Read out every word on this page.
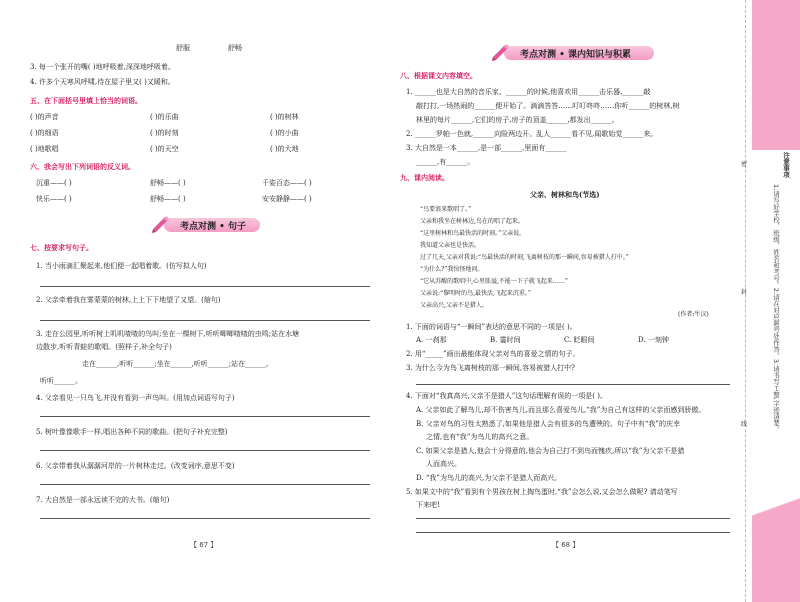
舒服	舒畅
3. 每一个张开的嘴( )地呼吸着,深深地呼吸着。
4. 许多个天寒风呼啸,待在屋子里又( )又暖和。
五、在下面括号里填上恰当的词语。
( )的声音	( )的乐曲	( )的树林
( )的细语	( )的时刻	( )的小曲
( )地歌唱	( )的天空	( )的大地
六、我会写出下列词语的反义词。
沉重——( )	舒畅——( )	千姿百态——( )
快乐——( )	舒畅——( )	安安静静——( )
考点对测 • 句子
七、按要求写句子。
1. 当小雨滴汇聚起来,他们便一起唱着歌。(仿写拟人句)
2. 父亲牵着我在雾蒙蒙的树林,上上下下地望了又望。(缩句)
3. 走在公园里,听听树上叽叽喳喳的鸟叫;坐在一棵树下,听听唧唧喳喳的虫鸣;站在水塘
边散步,听听青蛙的歌唱。(照样子,补全句子)
走在______,听听______;坐在______,听听______;站在______,
听听______。
4. 父亲看见一只鸟飞,并没有看到一声鸟叫。(用加点词语写句子)
5. 树叶像像歌手一样,唱出各种不同的歌曲。(把句子补充完整)
6. 父亲带着我从潺潺河岸的一片树林走过。(改变词序,意思不变)
7. 大自然是一部永远读不完的大书。(缩句)
【 67 】
考点对测 • 课内知识与积累
八、根据课文内容填空。
1. ______也是大自然的音乐家。______的时候,他喜欢用______击乐器,______敲
敲打打,一场热闹的______便开始了。滴滴答答……叮叮咚咚……你听______的树林,树
林里的每片______,它们的房子,房子的顶盖______,都发出______。
2. ______罗帕一色就,______向险两边开。乱人______看不见,闻歌始觉______来。
3. 大自然是一本______,是一部______,里面有______
______,有______。
九、课内阅读。
父亲、树林和鸟(节选)
“鸟要浪来歌唱了。”
父亲和我坐在树林边,鸟在的唱了起来。
“这里树林和鸟最快活的时刻。”父亲说。
我知道父亲也是快活。
过了几天,父亲对我说:“鸟最快活的时刻,飞离树枝的那一瞬间,容易被猎人打中。”
“为什么?”我惊怪地问。
“它从苏醒的歌唱中,心里胀溢,不能一下子就飞起来……”
父亲说:“黎明时的鸟,最快活,飞起来沉重。”
父亲高兴,父亲不是猎人。
(作者:牛汉)
1. 下面的词语与“一瞬间”表达的意思不同的一项是( )。
A. 一刹那	B. 霎时间	C. 眨眼间	D. 一刻钟
2. 用“_____”画出最能体现父亲对鸟的喜爱之情的句子。
3. 为什么今为鸟飞离树枝的那一瞬间,容易被猎人打中?
4. 下面对“我真高兴,父亲不是猎人”这句话理解有误的一项是( )。
A. 父亲如此了解鸟儿,却不伤害鸟儿,而且那么喜爱鸟儿,“我”为自己有这样的父亲而感到骄傲。
B. 父亲对鸟的习性太熟悉了,如果他是猎人会有很多的鸟遭殃的。句子中有“我”的庆幸
之情,也有“我”为鸟儿的高兴之意。
C. 如果父亲是猎人,他会十分得意的,他会为自己打不到鸟而愧疚,所以“我”为父亲不是猎
人而高兴。
D. “我”为鸟儿的高兴,为父亲不是猎人而高兴。
5. 如果文中的“我”看到有个男孩在树上掏鸟蛋时,“我”会怎么说,又会怎么做呢? 请动笔写
下来吧!
【 68 】
注意事项
1.请写好学校、班级、姓名和考号。2.请在对应题号处作答。3.请书写工整,字迹清楚。
密
封
线
